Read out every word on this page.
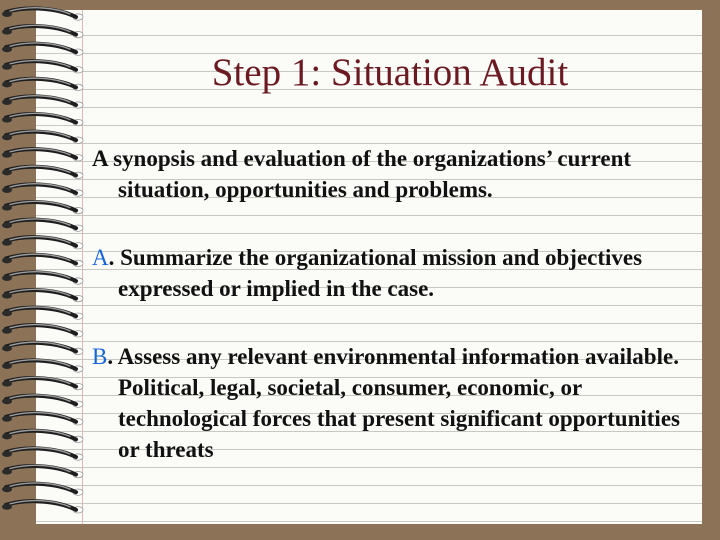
Step 1: Situation Audit

A synopsis and evaluation of the organizations’ current situation, opportunities and problems.

A. Summarize the organizational mission and objectives expressed or implied in the case.

B. Assess any relevant environmental information available. Political, legal, societal, consumer, economic, or technological forces that present significant opportunities or threats
